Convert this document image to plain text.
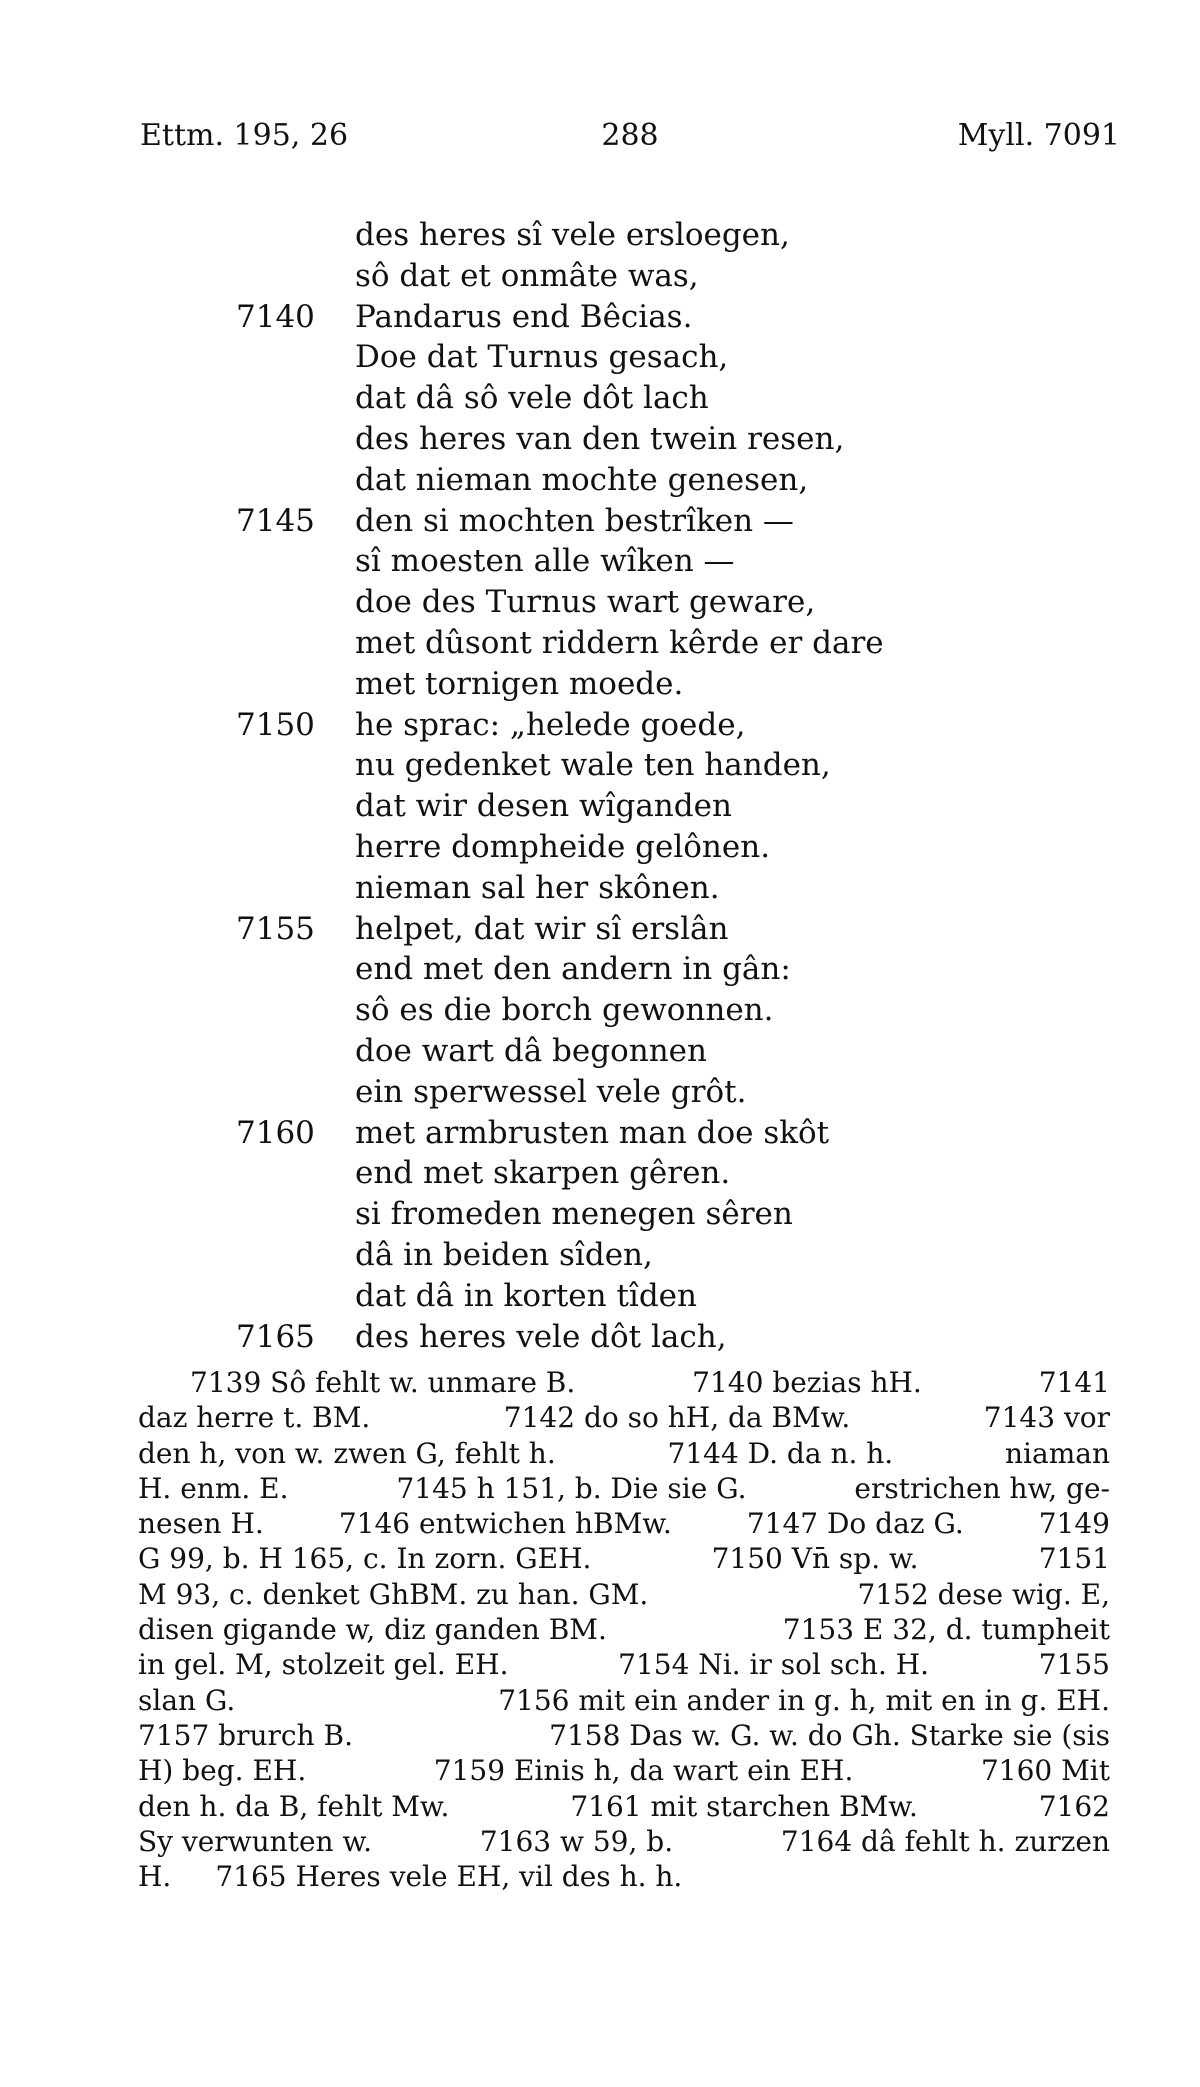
Ettm. 195, 26	288	Myll. 7091
des heres sî vele ersloegen,
sô dat et onmâte was,
7140 Pandarus end Bêcias.
Doe dat Turnus gesach,
dat dâ sô vele dôt lach
des heres van den twein resen,
dat nieman mochte genesen,
7145 den si mochten bestrîken —
sî moesten alle wîken —
doe des Turnus wart geware,
met dûsont riddern kêrde er dare
met tornigen moede.
7150 he sprac: „helede goede,
nu gedenket wale ten handen,
dat wir desen wîganden
herre dompheide gelônen.
nieman sal her skônen.
7155 helpet, dat wir sî erslân
end met den andern in gân:
sô es die borch gewonnen.
doe wart dâ begonnen
ein sperwessel vele grôt.
7160 met armbrusten man doe skôt
end met skarpen gêren.
si fromeden menegen sêren
dâ in beiden sîden,
dat dâ in korten tîden
7165 des heres vele dôt lach,
7139 Sô fehlt w. unmare B.	7140 bezias hH.	7141
daz herre t. BM.	7142 do so hH, da BMw.	7143 vor
den h, von w. zwen G, fehlt h.	7144 D. da n. h.	niaman
H. enm. E.	7145 h 151, b. Die sie G.	erstrichen hw, ge-
nesen H.	7146 entwichen hBMw.	7147 Do daz G.	7149
G 99, b. H 165, c. In zorn. GEH.	7150 Vn̄ sp. w.	7151
M 93, c. denket GhBM. zu han. GM.	7152 dese wig. E,
disen gigande w, diz ganden BM.	7153 E 32, d. tumpheit
in gel. M, stolzeit gel. EH.	7154 Ni. ir sol sch. H.	7155
slan G.	7156 mit ein ander in g. h, mit en in g. EH.
7157 brurch B.	7158 Das w. G. w. do Gh. Starke sie (sis
H) beg. EH.	7159 Einis h, da wart ein EH.	7160 Mit
den h. da B, fehlt Mw.	7161 mit starchen BMw.	7162
Sy verwunten w.	7163 w 59, b.	7164 dâ fehlt h. zurzen
H. 7165 Heres vele EH, vil des h. h.
